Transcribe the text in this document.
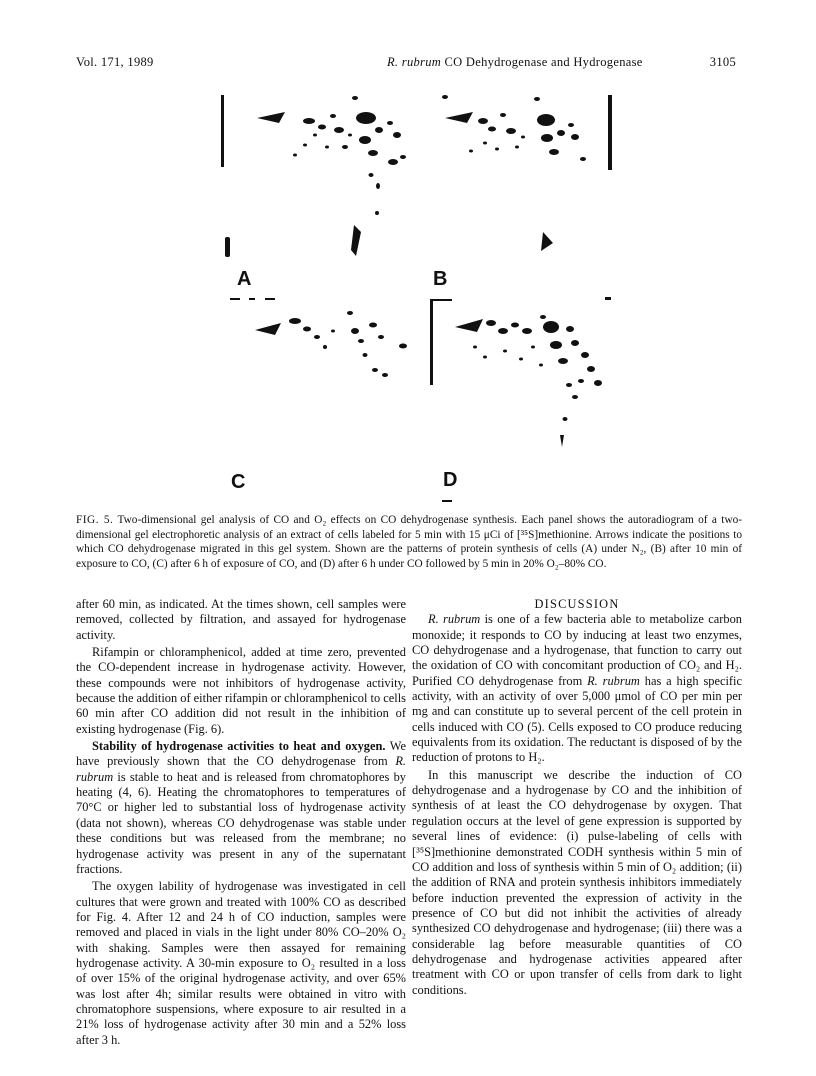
Vol. 171, 1989	R. rubrum CO Dehydrogenase and Hydrogenase	3105
A	B
C	D
FIG. 5. Two-dimensional gel analysis of CO and O₂ effects on CO dehydrogenase synthesis. Each panel shows the autoradiogram of a two-dimensional gel electrophoretic analysis of an extract of cells labeled for 5 min with 15 μCi of [³⁵S]methionine. Arrows indicate the positions to which CO dehydrogenase migrated in this gel system. Shown are the patterns of protein synthesis of cells (A) under N₂, (B) after 10 min of exposure to CO, (C) after 6 h of exposure of CO, and (D) after 6 h under CO followed by 5 min in 20% O₂–80% CO.

after 60 min, as indicated. At the times shown, cell samples were removed, collected by filtration, and assayed for hydrogenase activity.

Rifampin or chloramphenicol, added at time zero, prevented the CO-dependent increase in hydrogenase activity. However, these compounds were not inhibitors of hydrogenase activity, because the addition of either rifampin or chloramphenicol to cells 60 min after CO addition did not result in the inhibition of existing hydrogenase (Fig. 6).

Stability of hydrogenase activities to heat and oxygen. We have previously shown that the CO dehydrogenase from R. rubrum is stable to heat and is released from chromatophores by heating (4, 6). Heating the chromatophores to temperatures of 70°C or higher led to substantial loss of hydrogenase activity (data not shown), whereas CO dehydrogenase was stable under these conditions but was released from the membrane; no hydrogenase activity was present in any of the supernatant fractions.

The oxygen lability of hydrogenase was investigated in cell cultures that were grown and treated with 100% CO as described for Fig. 4. After 12 and 24 h of CO induction, samples were removed and placed in vials in the light under 80% CO–20% O₂ with shaking. Samples were then assayed for remaining hydrogenase activity. A 30-min exposure to O₂ resulted in a loss of over 15% of the original hydrogenase activity, and over 65% was lost after 4h; similar results were obtained in vitro with chromatophore suspensions, where exposure to air resulted in a 21% loss of hydrogenase activity after 30 min and a 52% loss after 3 h.

DISCUSSION

R. rubrum is one of a few bacteria able to metabolize carbon monoxide; it responds to CO by inducing at least two enzymes, CO dehydrogenase and a hydrogenase, that function to carry out the oxidation of CO with concomitant production of CO₂ and H₂. Purified CO dehydrogenase from R. rubrum has a high specific activity, with an activity of over 5,000 μmol of CO per min per mg and can constitute up to several percent of the cell protein in cells induced with CO (5). Cells exposed to CO produce reducing equivalents from its oxidation. The reductant is disposed of by the reduction of protons to H₂.

In this manuscript we describe the induction of CO dehydrogenase and a hydrogenase by CO and the inhibition of synthesis of at least the CO dehydrogenase by oxygen. That regulation occurs at the level of gene expression is supported by several lines of evidence: (i) pulse-labeling of cells with [³⁵S]methionine demonstrated CODH synthesis within 5 min of CO addition and loss of synthesis within 5 min of O₂ addition; (ii) the addition of RNA and protein synthesis inhibitors immediately before induction prevented the expression of activity in the presence of CO but did not inhibit the activities of already synthesized CO dehydrogenase and hydrogenase; (iii) there was a considerable lag before measurable quantities of CO dehydrogenase and hydrogenase activities appeared after treatment with CO or upon transfer of cells from dark to light conditions.
